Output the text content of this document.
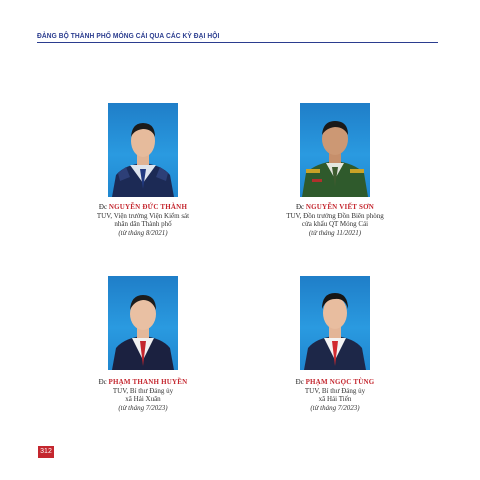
ĐẢNG BỘ THÀNH PHỐ MÓNG CÁI QUA CÁC KỲ ĐẠI HỘI
Đc NGUYỄN ĐỨC THÀNH
TUV, Viện trưởng Viện Kiểm sát
nhân dân Thành phố
(từ tháng 8/2021)
Đc NGUYỄN VIẾT SƠN
TUV, Đồn trưởng Đồn Biên phòng
cửa khẩu QT Móng Cái
(từ tháng 11/2021)
Đc PHẠM THANH HUYỀN
TUV, Bí thư Đảng ủy
xã Hải Xuân
(từ tháng 7/2023)
Đc PHẠM NGỌC TÙNG
TUV, Bí thư Đảng ủy
xã Hải Tiến
(từ tháng 7/2023)
312
